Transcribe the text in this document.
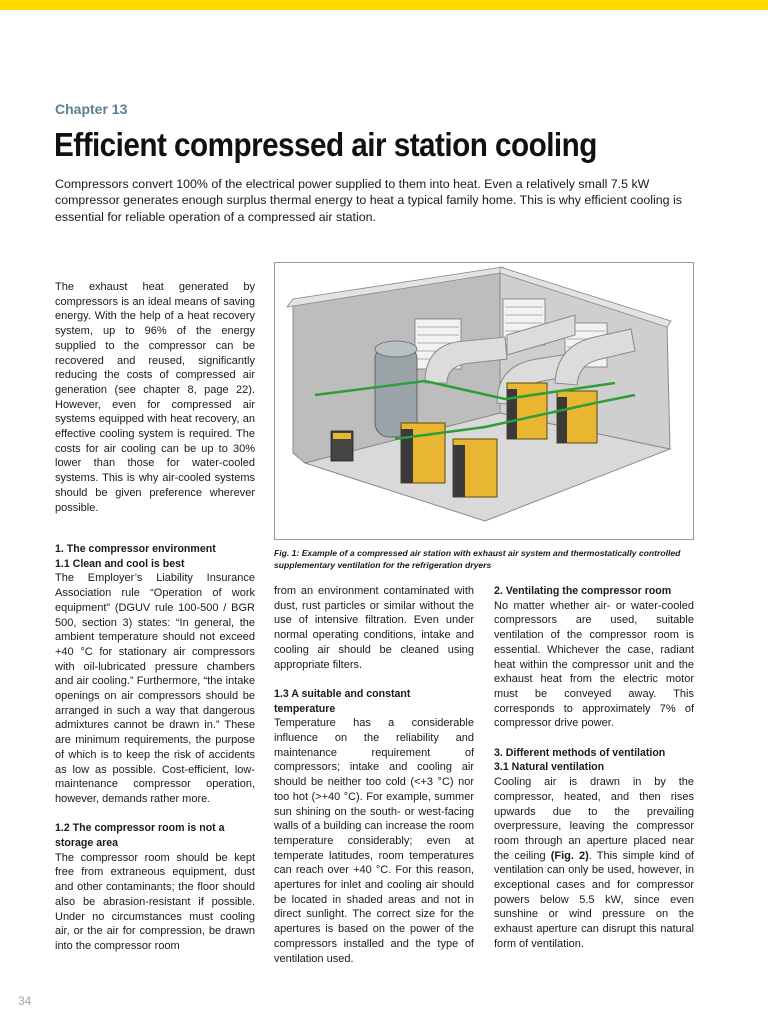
Chapter 13
Efficient compressed air station cooling

Compressors convert 100% of the electrical power supplied to them into heat. Even a relatively small 7.5 kW compressor generates enough surplus thermal energy to heat a typical family home. This is why efficient cooling is essential for reliable operation of a compressed air station.

The exhaust heat generated by compressors is an ideal means of saving energy. With the help of a heat recovery system, up to 96% of the energy supplied to the compressor can be recovered and reused, significantly reducing the costs of compressed air generation (see chapter 8, page 22). However, even for compressed air systems equipped with heat recovery, an effective cooling system is required. The costs for air cooling can be up to 30% lower than those for water-cooled systems. This is why air-cooled systems should be given preference wherever possible.

1. The compressor environment
1.1 Clean and cool is best

The Employer’s Liability Insurance Association rule “Operation of work equipment” (DGUV rule 100-500 / BGR 500, section 3) states: “In general, the ambient temperature should not exceed +40 °C for stationary air compressors with oil-lubricated pressure chambers and air cooling.” Furthermore, “the intake openings on air compressors should be arranged in such a way that dangerous admixtures cannot be drawn in.” These are minimum requirements, the purpose of which is to keep the risk of accidents as low as possible. Cost-efficient, low-maintenance compressor operation, however, demands rather more.

1.2 The compressor room is not a storage area

The compressor room should be kept free from extraneous equipment, dust and other contaminants; the floor should also be abrasion-resistant if possible. Under no circumstances must cooling air, or the air for compression, be drawn into the compressor room

Fig. 1: Example of a compressed air station with exhaust air system and thermostatically controlled supplementary ventilation for the refrigeration dryers

from an environment contaminated with dust, rust particles or similar without the use of intensive filtration. Even under normal operating conditions, intake and cooling air should be cleaned using appropriate filters.

1.3 A suitable and constant temperature

Temperature has a considerable influence on the reliability and maintenance requirement of compressors; intake and cooling air should be neither too cold (<+3 °C) nor too hot (>+40 °C). For example, summer sun shining on the south- or west-facing walls of a building can increase the room temperature considerably; even at temperate latitudes, room temperatures can reach over +40 °C. For this reason, apertures for inlet and cooling air should be located in shaded areas and not in direct sunlight. The correct size for the apertures is based on the power of the compressors installed and the type of ventilation used.

2. Ventilating the compressor room

No matter whether air- or water-cooled compressors are used, suitable ventilation of the compressor room is essential. Whichever the case, radiant heat within the compressor unit and the exhaust heat from the electric motor must be conveyed away. This corresponds to approximately 7% of compressor drive power.

3. Different methods of ventilation
3.1 Natural ventilation

Cooling air is drawn in by the compressor, heated, and then rises upwards due to the prevailing overpressure, leaving the compressor room through an aperture placed near the ceiling (Fig. 2). This simple kind of ventilation can only be used, however, in exceptional cases and for compressor powers below 5.5 kW, since even sunshine or wind pressure on the exhaust aperture can disrupt this natural form of ventilation.

34
